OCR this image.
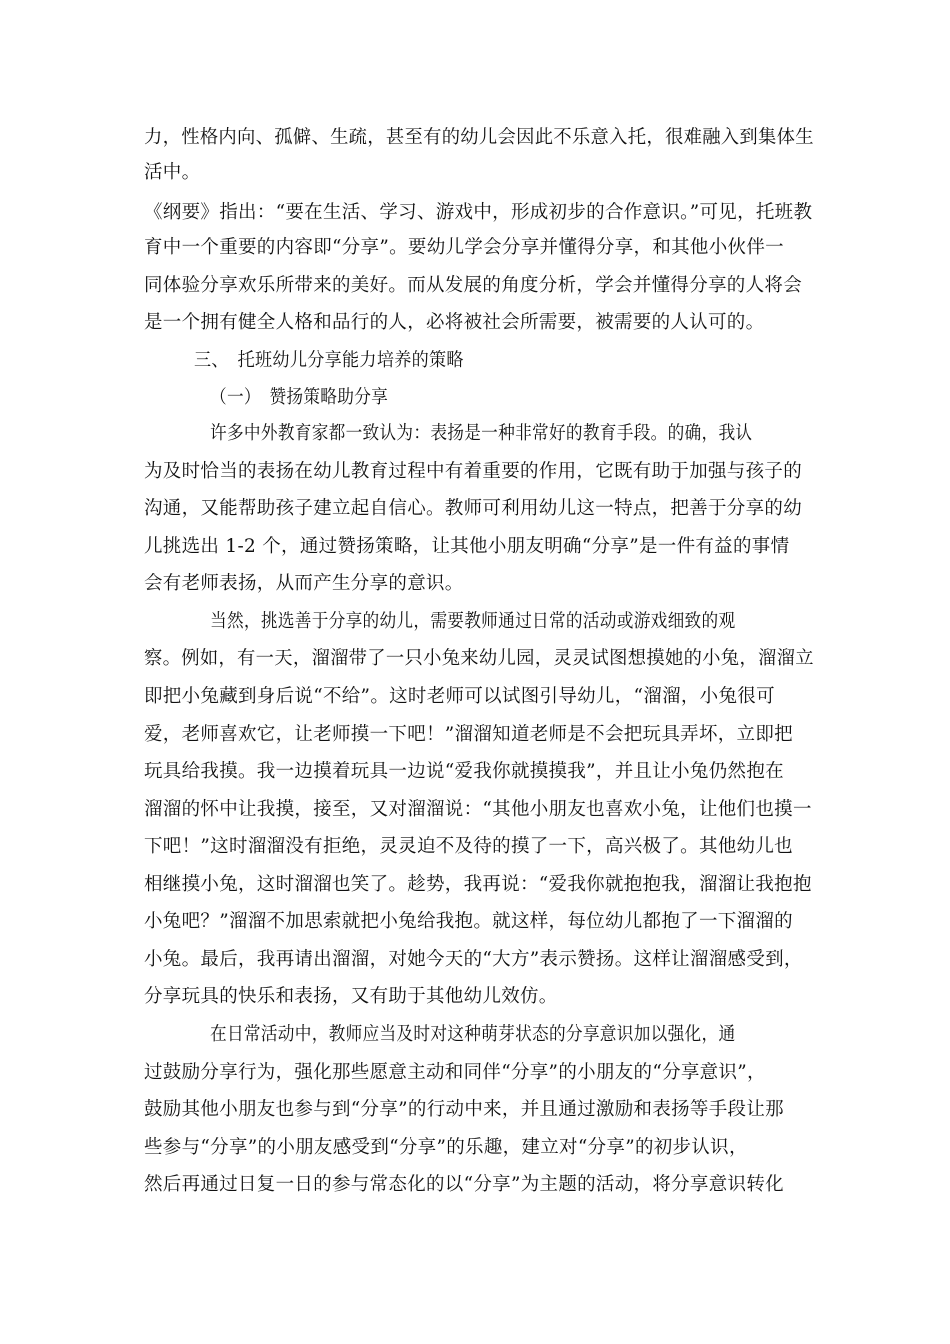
力，性格内向、孤僻、生疏，甚至有的幼儿会因此不乐意入托，很难融入到集体生
活中。
《纲要》指出：“要在生活、学习、游戏中，形成初步的合作意识。”可见，托班教
育中一个重要的内容即“分享”。要幼儿学会分享并懂得分享，和其他小伙伴一
同体验分享欢乐所带来的美好。而从发展的角度分析，学会并懂得分享的人将会
是一个拥有健全人格和品行的人，必将被社会所需要，被需要的人认可的。
三、　托班幼儿分享能力培养的策略
（一）　赞扬策略助分享
许多中外教育家都一致认为：表扬是一种非常好的教育手段。的确，我认
为及时恰当的表扬在幼儿教育过程中有着重要的作用，它既有助于加强与孩子的
沟通，又能帮助孩子建立起自信心。教师可利用幼儿这一特点，把善于分享的幼
儿挑选出 1-2 个，通过赞扬策略，让其他小朋友明确“分享”是一件有益的事情
会有老师表扬，从而产生分享的意识。
当然，挑选善于分享的幼儿，需要教师通过日常的活动或游戏细致的观
察。例如，有一天，溜溜带了一只小兔来幼儿园，灵灵试图想摸她的小兔，溜溜立
即把小兔藏到身后说“不给”。这时老师可以试图引导幼儿，“溜溜，小兔很可
爱，老师喜欢它，让老师摸一下吧！”溜溜知道老师是不会把玩具弄坏，立即把
玩具给我摸。我一边摸着玩具一边说“爱我你就摸摸我”，并且让小兔仍然抱在
溜溜的怀中让我摸，接至，又对溜溜说：“其他小朋友也喜欢小兔，让他们也摸一
下吧！”这时溜溜没有拒绝，灵灵迫不及待的摸了一下，高兴极了。其他幼儿也
相继摸小兔，这时溜溜也笑了。趁势，我再说：“爱我你就抱抱我，溜溜让我抱抱
小兔吧？”溜溜不加思索就把小兔给我抱。就这样，每位幼儿都抱了一下溜溜的
小兔。最后，我再请出溜溜，对她今天的“大方”表示赞扬。这样让溜溜感受到，
分享玩具的快乐和表扬，又有助于其他幼儿效仿。
在日常活动中，教师应当及时对这种萌芽状态的分享意识加以强化，通
过鼓励分享行为，强化那些愿意主动和同伴“分享”的小朋友的“分享意识”，
鼓励其他小朋友也参与到“分享”的行动中来，并且通过激励和表扬等手段让那
些参与“分享”的小朋友感受到“分享”的乐趣，建立对“分享”的初步认识，
然后再通过日复一日的参与常态化的以“分享”为主题的活动，将分享意识转化
